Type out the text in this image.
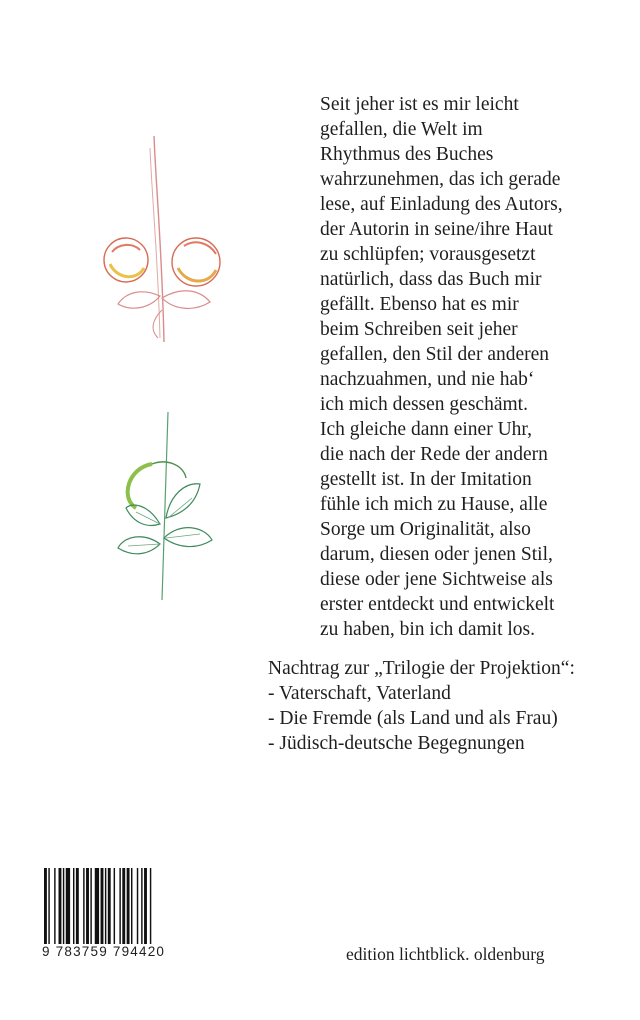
Seit jeher ist es mir leicht
gefallen, die Welt im
Rhythmus des Buches
wahrzunehmen, das ich gerade
lese, auf Einladung des Autors,
der Autorin in seine/ihre Haut
zu schlüpfen; vorausgesetzt
natürlich, dass das Buch mir
gefällt. Ebenso hat es mir
beim Schreiben seit jeher
gefallen, den Stil der anderen
nachzuahmen, und nie hab‘
ich mich dessen geschämt.
Ich gleiche dann einer Uhr,
die nach der Rede der andern
gestellt ist. In der Imitation
fühle ich mich zu Hause, alle
Sorge um Originalität, also
darum, diesen oder jenen Stil,
diese oder jene Sichtweise als
erster entdeckt und entwickelt
zu haben, bin ich damit los.
Nachtrag zur „Trilogie der Projektion“:
- Vaterschaft, Vaterland
- Die Fremde (als Land und als Frau)
- Jüdisch-deutsche Begegnungen
9 783759 794420	edition lichtblick. oldenburg
